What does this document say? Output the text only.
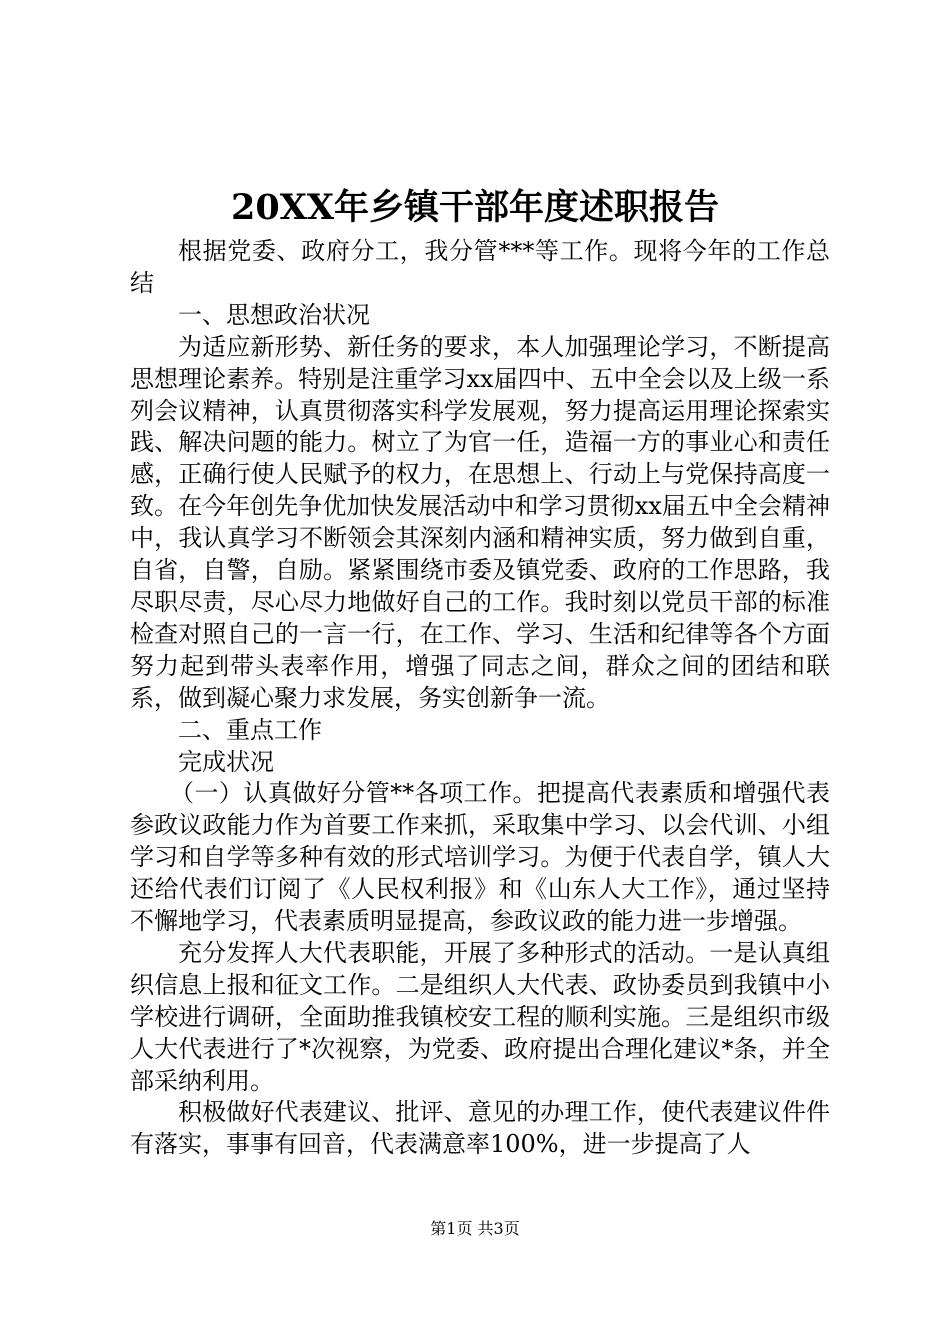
20XX年乡镇干部年度述职报告

根据党委、政府分工，我分管***等工作。现将今年的工作总结

一、思想政治状况

为适应新形势、新任务的要求，本人加强理论学习，不断提高思想理论素养。特别是注重学习xx届四中、五中全会以及上级一系列会议精神，认真贯彻落实科学发展观，努力提高运用理论探索实践、解决问题的能力。树立了为官一任，造福一方的事业心和责任感，正确行使人民赋予的权力，在思想上、行动上与党保持高度一致。在今年创先争优加快发展活动中和学习贯彻xx届五中全会精神中，我认真学习不断领会其深刻内涵和精神实质，努力做到自重，自省，自警，自励。紧紧围绕市委及镇党委、政府的工作思路，我尽职尽责，尽心尽力地做好自己的工作。我时刻以党员干部的标准检查对照自己的一言一行，在工作、学习、生活和纪律等各个方面努力起到带头表率作用，增强了同志之间，群众之间的团结和联系，做到凝心聚力求发展，务实创新争一流。

二、重点工作

完成状况

（一）认真做好分管**各项工作。把提高代表素质和增强代表参政议政能力作为首要工作来抓，采取集中学习、以会代训、小组学习和自学等多种有效的形式培训学习。为便于代表自学，镇人大还给代表们订阅了《人民权利报》和《山东人大工作》，通过坚持不懈地学习，代表素质明显提高，参政议政的能力进一步增强。

充分发挥人大代表职能，开展了多种形式的活动。一是认真组织信息上报和征文工作。二是组织人大代表、政协委员到我镇中小学校进行调研，全面助推我镇校安工程的顺利实施。三是组织市级人大代表进行了*次视察，为党委、政府提出合理化建议*条，并全部采纳利用。

积极做好代表建议、批评、意见的办理工作，使代表建议件件有落实，事事有回音，代表满意率100%，进一步提高了人

第1页 共3页
